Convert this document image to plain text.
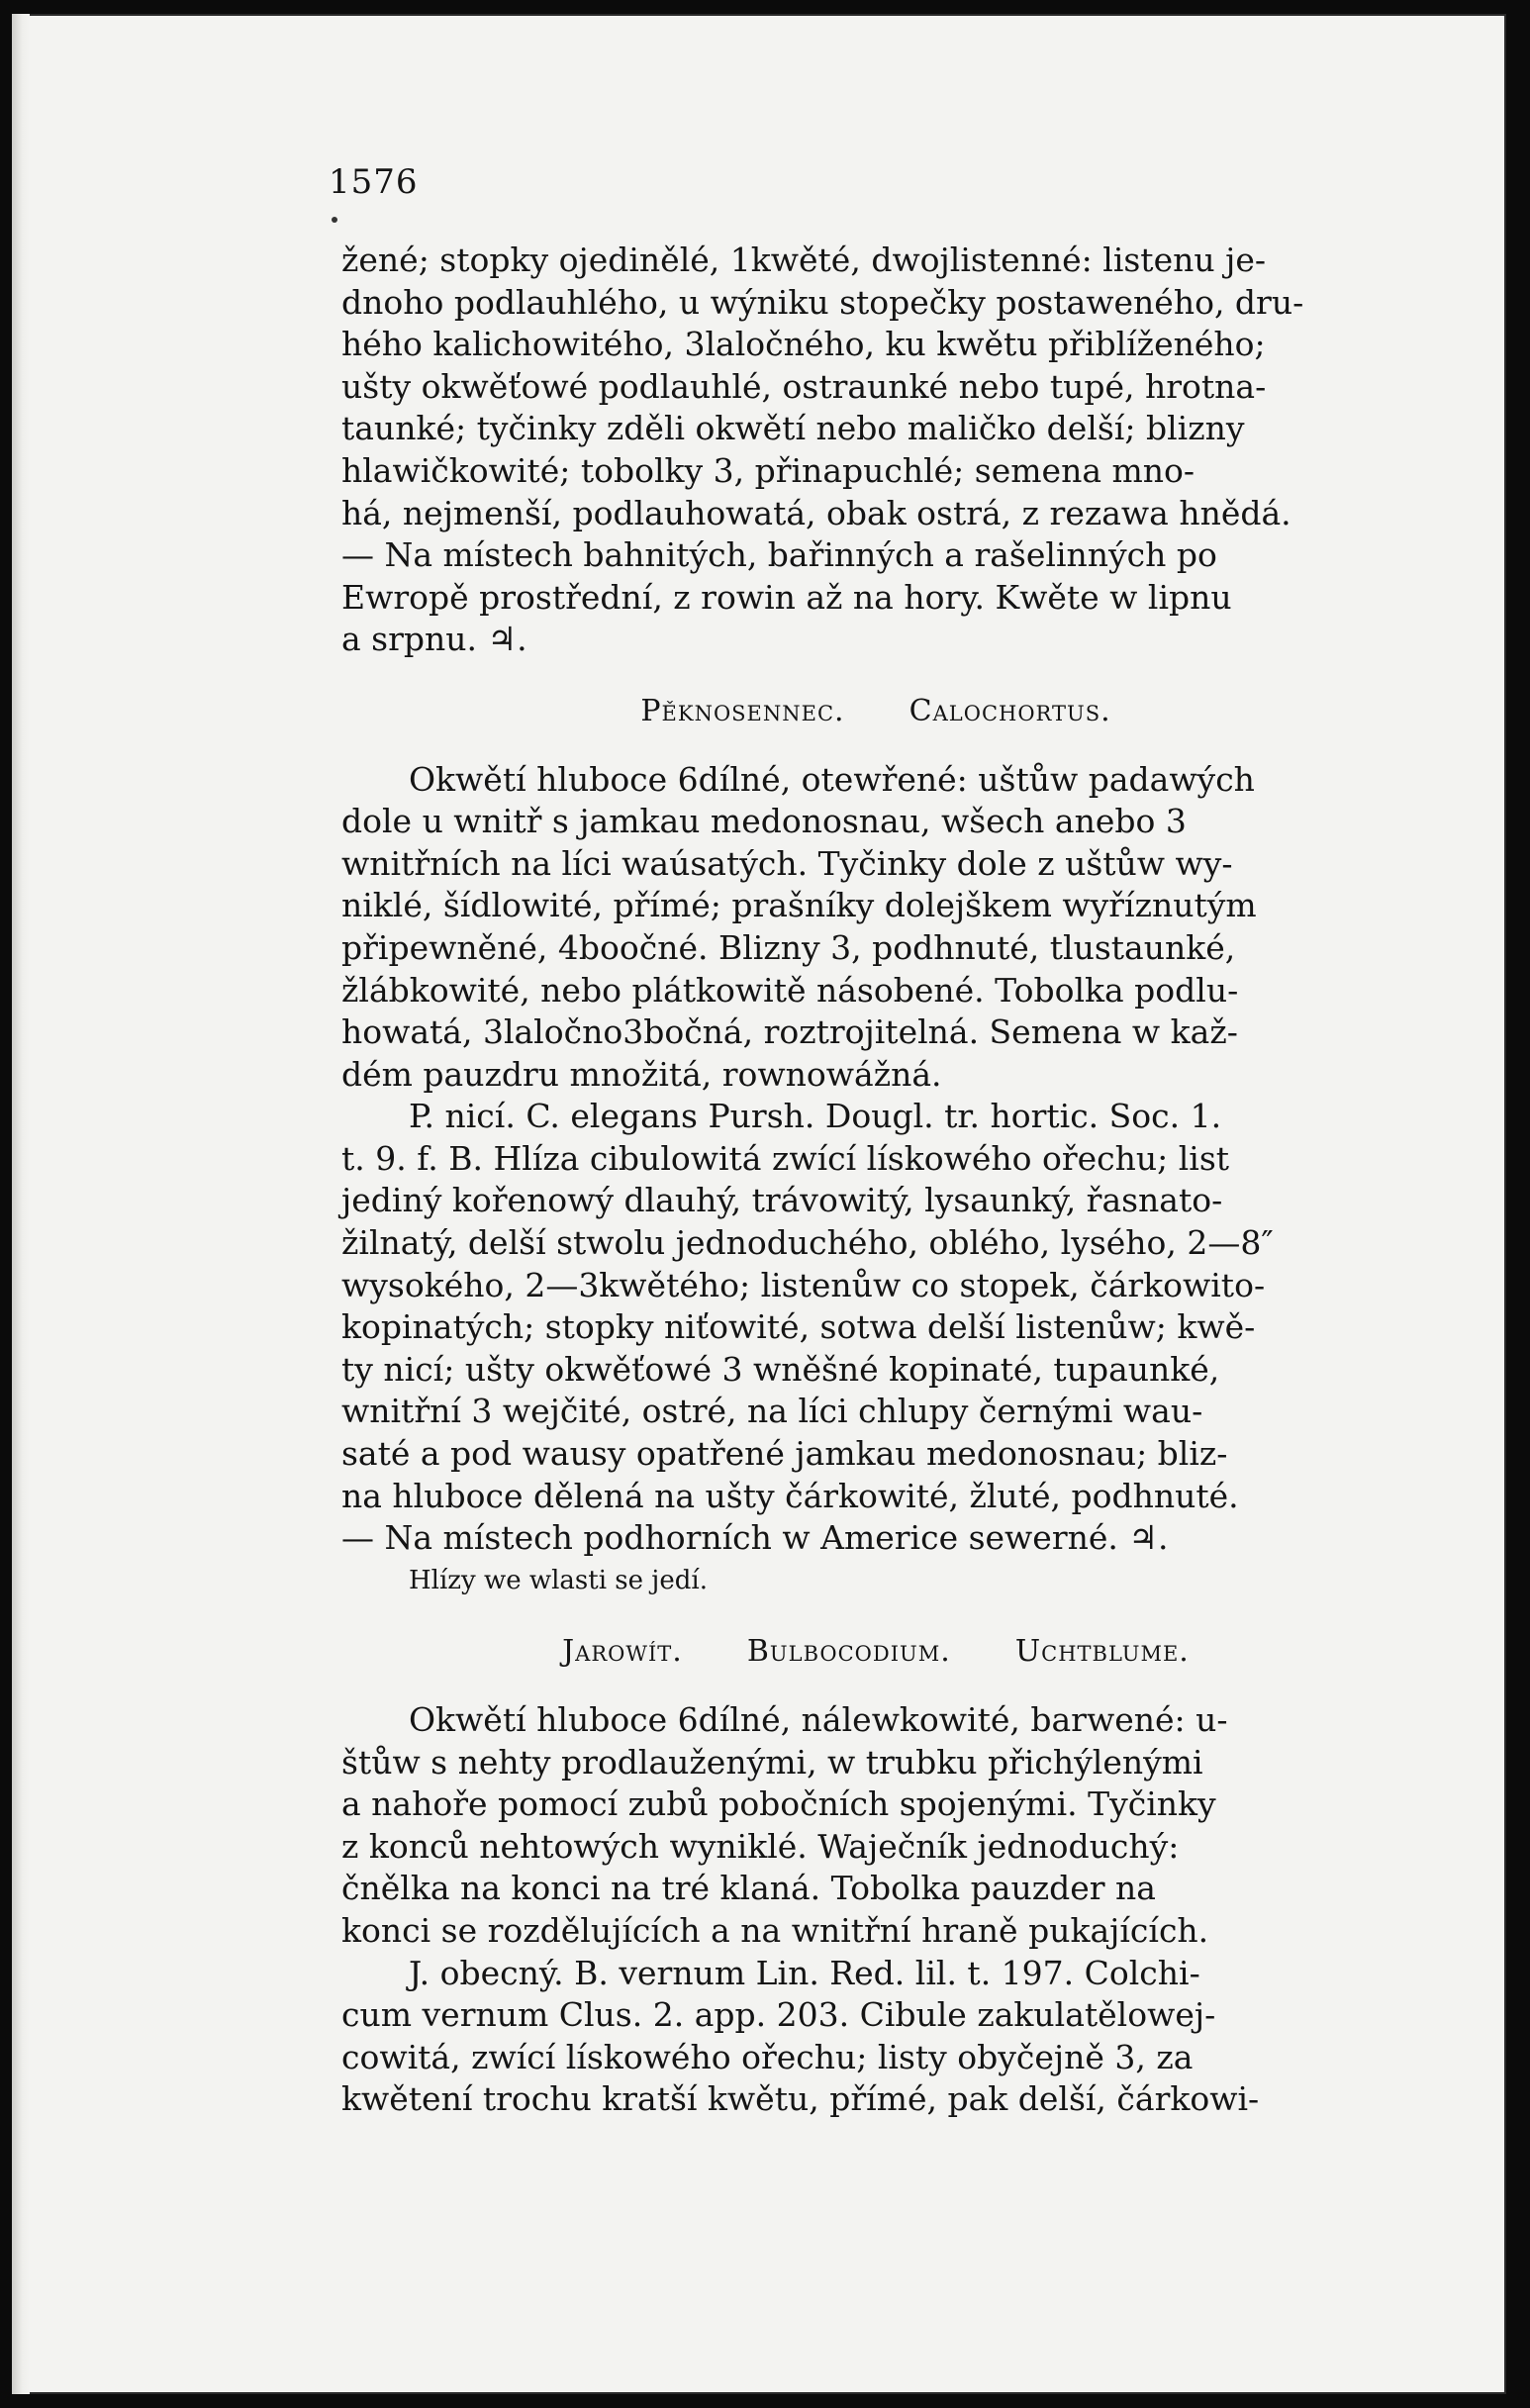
1576
žené; stopky ojedinělé, 1kwěté, dwojlistenné: listenu je-
dnoho podlauhlého, u wýniku stopečky postaweného, dru-
hého kalichowitého, 3laločného, ku kwětu přiblíženého;
ušty okwěťowé podlauhlé, ostraunké nebo tupé, hrotna-
taunké; tyčinky zděli okwětí nebo maličko delší; blizny
hlawičkowité; tobolky 3, přinapuchlé; semena mno-
há, nejmenší, podlauhowatá, obak ostrá, z rezawa hnědá.
— Na místech bahnitých, bařinných a rašelinných po
Ewropě prostřední, z rowin až na hory. Kwěte w lipnu
a srpnu. ♃.
Pěknosennec. Calochortus.
Okwětí hluboce 6dílné, otewřené: uštůw padawých
dole u wnitř s jamkau medonosnau, wšech anebo 3
wnitřních na líci waúsatých. Tyčinky dole z uštůw wy-
niklé, šídlowité, přímé; prašníky dolejškem wyříznutým
připewněné, 4boočné. Blizny 3, podhnuté, tlustaunké,
žlábkowité, nebo plátkowitě násobené. Tobolka podlu-
howatá, 3laločno3bočná, roztrojitelná. Semena w kaž-
dém pauzdru množitá, rownowážná.
P. nicí. C. elegans Pursh. Dougl. tr. hortic. Soc. 1.
t. 9. f. B. Hlíza cibulowitá zwící lískowého ořechu; list
jediný kořenowý dlauhý, trávowitý, lysaunký, řasnato-
žilnatý, delší stwolu jednoduchého, oblého, lysého, 2—8″
wysokého, 2—3kwětého; listenůw co stopek, čárkowito-
kopinatých; stopky niťowité, sotwa delší listenůw; kwě-
ty nicí; ušty okwěťowé 3 wněšné kopinaté, tupaunké,
wnitřní 3 wejčité, ostré, na líci chlupy černými wau-
saté a pod wausy opatřené jamkau medonosnau; bliz-
na hluboce dělená na ušty čárkowité, žluté, podhnuté.
— Na místech podhorních w Americe sewerné. ♃.
Hlízy we wlasti se jedí.
Jarowít. Bulbocodium. Uchtblume.
Okwětí hluboce 6dílné, nálewkowité, barwené: u-
štůw s nehty prodlauženými, w trubku přichýlenými
a nahoře pomocí zubů pobočních spojenými. Tyčinky
z konců nehtowých wyniklé. Waječník jednoduchý:
čnělka na konci na tré klaná. Tobolka pauzder na
konci se rozdělujících a na wnitřní hraně pukajících.
J. obecný. B. vernum Lin. Red. lil. t. 197. Colchi-
cum vernum Clus. 2. app. 203. Cibule zakulatělowej-
cowitá, zwící lískowého ořechu; listy obyčejně 3, za
kwětení trochu kratší kwětu, přímé, pak delší, čárkowi-
